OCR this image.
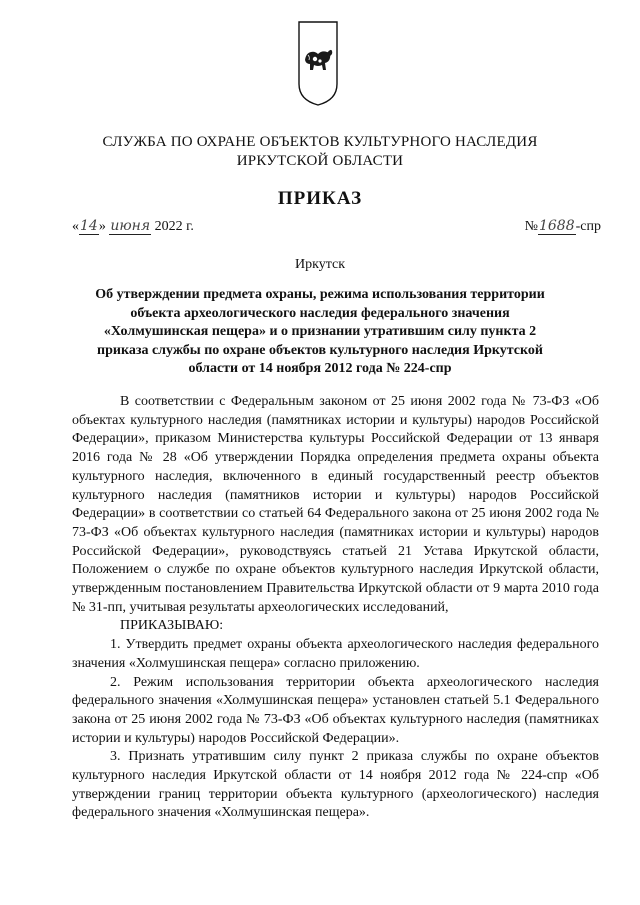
СЛУЖБА ПО ОХРАНЕ ОБЪЕКТОВ КУЛЬТУРНОГО НАСЛЕДИЯ
ИРКУТСКОЙ ОБЛАСТИ
ПРИКАЗ
«14» июня 2022 г.	№1688-спр
Иркутск
Об утверждении предмета охраны, режима использования территории объекта археологического наследия федерального значения «Холмушинская пещера» и о признании утратившим силу пункта 2 приказа службы по охране объектов культурного наследия Иркутской области от 14 ноября 2012 года № 224-спр

В соответствии с Федеральным законом от 25 июня 2002 года № 73-ФЗ «Об объектах культурного наследия (памятниках истории и культуры) народов Российской Федерации», приказом Министерства культуры Российской Федерации от 13 января 2016 года № 28 «Об утверждении Порядка определения предмета охраны объекта культурного наследия, включенного в единый государственный реестр объектов культурного наследия (памятников истории и культуры) народов Российской Федерации» в соответствии со статьей 64 Федерального закона от 25 июня 2002 года № 73-ФЗ «Об объектах культурного наследия (памятниках истории и культуры) народов Российской Федерации», руководствуясь статьей 21 Устава Иркутской области, Положением о службе по охране объектов культурного наследия Иркутской области, утвержденным постановлением Правительства Иркутской области от 9 марта 2010 года № 31-пп, учитывая результаты археологических исследований,

ПРИКАЗЫВАЮ:

1. Утвердить предмет охраны объекта археологического наследия федерального значения «Холмушинская пещера» согласно приложению.

2. Режим использования территории объекта археологического наследия федерального значения «Холмушинская пещера» установлен статьей 5.1 Федерального закона от 25 июня 2002 года № 73-ФЗ «Об объектах культурного наследия (памятниках истории и культуры) народов Российской Федерации».

3. Признать утратившим силу пункт 2 приказа службы по охране объектов культурного наследия Иркутской области от 14 ноября 2012 года № 224-спр «Об утверждении границ территории объекта культурного (археологического) наследия федерального значения «Холмушинская пещера».
